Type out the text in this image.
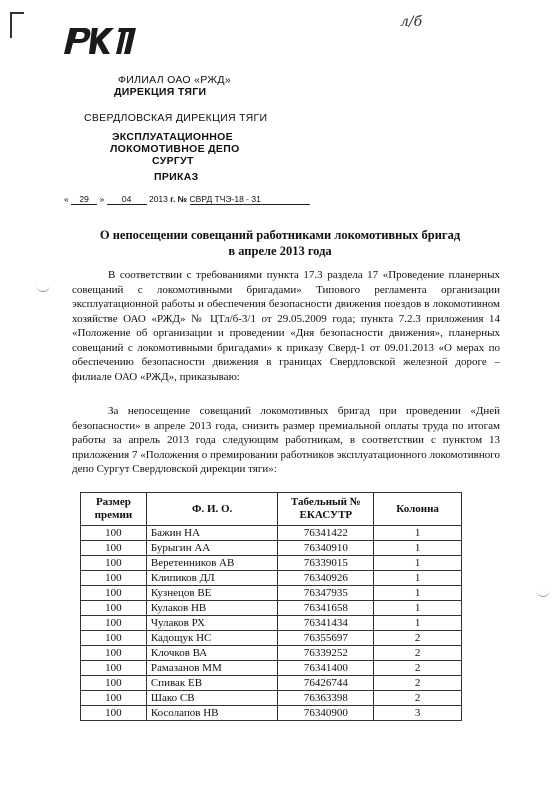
л/б
ФИЛИАЛ ОАО «РЖД»
ДИРЕКЦИЯ ТЯГИ
СВЕРДЛОВСКАЯ ДИРЕКЦИЯ ТЯГИ
ЭКСПЛУАТАЦИОННОЕ
ЛОКОМОТИВНОЕ ДЕПО
СУРГУТ
ПРИКАЗ
« 29 » 04 2013 г. № СВРД ТЧЭ-18 - 31
О непосещении совещаний работниками локомотивных бригад
в апреле 2013 года
В соответствии с требованиями пункта 17.3 раздела 17 «Проведение планерных совещаний с локомотивными бригадами» Типового регламента организации эксплуатационной работы и обеспечения безопасности движения поездов в локомотивном хозяйстве ОАО «РЖД» № ЦТл/б-3/1 от 29.05.2009 года; пункта 7.2.3 приложения 14 «Положение об организации и проведении «Дня безопасности движения», планерных совещаний с локомотивными бригадами» к приказу Сверд-1 от 09.01.2013 «О мерах по обеспечению безопасности движения в границах Свердловской железной дороге – филиале ОАО «РЖД», приказываю:
За непосещение совещаний локомотивных бригад при проведении «Дней безопасности» в апреле 2013 года, снизить размер премиальной оплаты труда по итогам работы за апрель 2013 года следующим работникам, в соответствии с пунктом 13 приложения 7 «Положения о премировании работников эксплуатационного локомотивного депо Сургут Свердловской дирекции тяги»:
Размер премии	Ф. И. О.	Табельный № ЕКАСУТР	Колонна
100	Бажин НА	76341422	1
100	Бурыгин АА	76340910	1
100	Веретенников АВ	76339015	1
100	Клипиков ДЛ	76340926	1
100	Кузнецов ВЕ	76347935	1
100	Кулаков НВ	76341658	1
100	Чулаков РХ	76341434	1
100	Кадощук НС	76355697	2
100	Клочков ВА	76339252	2
100	Рамазанов ММ	76341400	2
100	Спивак ЕВ	76426744	2
100	Шако СВ	76363398	2
100	Косолапов НВ	76340900	3
